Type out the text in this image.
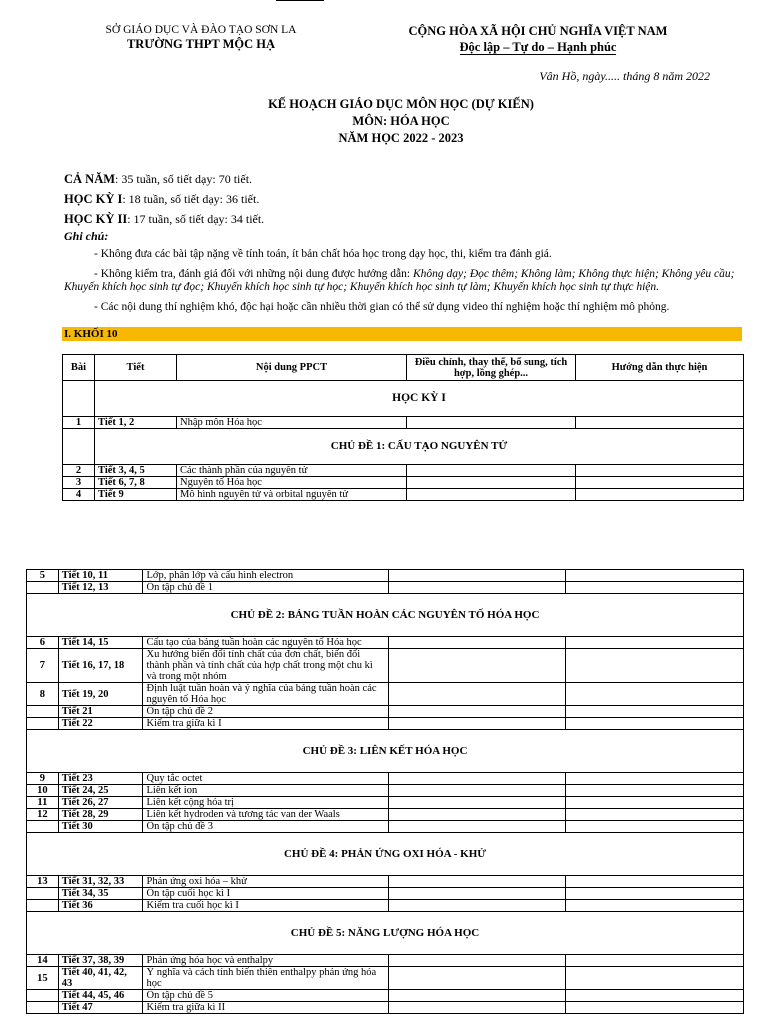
SỞ GIÁO DỤC VÀ ĐÀO TẠO SƠN LA
TRƯỜNG THPT MỘC HẠ
CỘNG HÒA XÃ HỘI CHỦ NGHĨA VIỆT NAM
Độc lập – Tự do – Hạnh phúc
Vân Hồ, ngày..... tháng 8 năm 2022
KẾ HOẠCH GIÁO DỤC MÔN HỌC (DỰ KIẾN)
MÔN: HÓA HỌC
NĂM HỌC 2022 - 2023
CẢ NĂM: 35 tuần, số tiết dạy: 70 tiết.
HỌC KỲ I: 18 tuần, số tiết dạy: 36 tiết.
HỌC KỲ II: 17 tuần, số tiết dạy: 34 tiết.
Ghi chú:

- Không đưa các bài tập nặng về tính toán, ít bản chất hóa học trong dạy học, thi, kiểm tra đánh giá.

- Không kiểm tra, đánh giá đối với những nội dung được hướng dẫn: Không dạy; Đọc thêm; Không làm; Không thực hiện; Không yêu cầu; Khuyến khích học sinh tự đọc; Khuyến khích học sinh tự học; Khuyến khích học sinh tự làm; Khuyến khích học sinh tự thực hiện.

- Các nội dung thí nghiệm khó, độc hại hoặc cần nhiều thời gian có thể sử dụng video thí nghiệm hoặc thí nghiệm mô phỏng.

I. KHỐI 10
Bài	Tiết	Nội dung PPCT	Điều chỉnh, thay thế, bổ sung, tích hợp, lồng ghép...	Hướng dẫn thực hiện
	HỌC KỲ I			
1	Tiết 1, 2	Nhập môn Hóa học		
	CHỦ ĐỀ 1: CẤU TẠO NGUYÊN TỬ			
2	Tiết 3, 4, 5	Các thành phần của nguyên tử		
3	Tiết 6, 7, 8	Nguyên tố Hóa học		
4	Tiết 9	Mô hình nguyên tử và orbital nguyên tử		
5	Tiết 10, 11	Lớp, phân lớp và cấu hình electron		
	Tiết 12, 13	Ôn tập chủ đề 1		
CHỦ ĐỀ 2: BẢNG TUẦN HOÀN CÁC NGUYÊN TỐ HÓA HỌC				
6	Tiết 14, 15	Cấu tạo của bảng tuần hoàn các nguyên tố Hóa học		
7	Tiết 16, 17, 18	Xu hướng biến đổi tính chất của đơn chất, biến đổi thành phần và tính chất của hợp chất trong một chu kì và trong một nhóm		
8	Tiết 19, 20	Định luật tuần hoàn và ý nghĩa của bảng tuần hoàn các nguyên tố Hóa học		
	Tiết 21	Ôn tập chủ đề 2		
	Tiết 22	Kiểm tra giữa kì I		
CHỦ ĐỀ 3: LIÊN KẾT HÓA HỌC				
9	Tiết 23	Quy tắc octet		
10	Tiết 24, 25	Liên kết ion		
11	Tiết 26, 27	Liên kết cộng hóa trị		
12	Tiết 28, 29	Liên kết hydroden và tương tác van der Waals		
	Tiết 30	Ôn tập chủ đề 3		
CHỦ ĐỀ 4: PHẢN ỨNG OXI HÓA - KHỬ				
13	Tiết 31, 32, 33	Phản ứng oxi hóa – khử		
	Tiết 34, 35	Ôn tập cuối học kì I		
	Tiết 36	Kiểm tra cuối học kì I		
CHỦ ĐỀ 5: NĂNG LƯỢNG HÓA HỌC				
14	Tiết 37, 38, 39	Phản ứng hóa học và enthalpy		
15	Tiết 40, 41, 42, 43	Ý nghĩa và cách tính biến thiên enthalpy phản ứng hóa học		
	Tiết 44, 45, 46	Ôn tập chủ đề 5		
	Tiết 47	Kiểm tra giữa kì II		
